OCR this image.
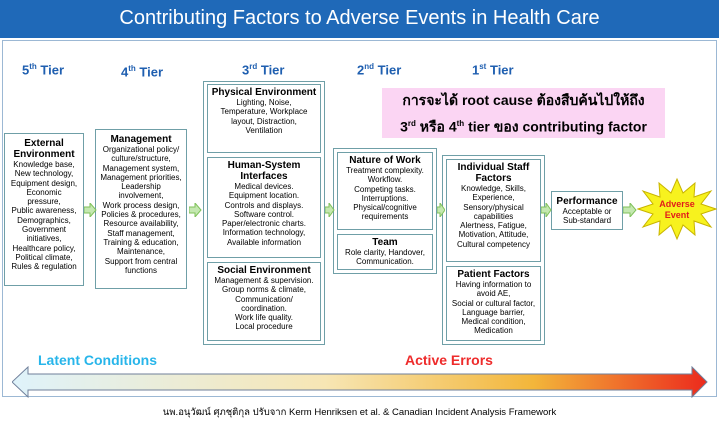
Contributing Factors to Adverse Events in Health Care
5th Tier	4th Tier	3rd Tier	2nd Tier	1st Tier
การจะได้ root cause ต้องสืบค้นไปให้ถึง
3rd หรือ 4th tier ของ contributing factor
External Environment
Knowledge base,
New technology,
Equipment design,
Economic
pressure,
Public awareness,
Demographics,
Government
initiatives,
Healthcare policy,
Political climate,
Rules & regulation
Management
Organizational policy/
culture/structure,
Management system,
Management priorities,
Leadership
involvement,
Work process design,
Policies & procedures,
Resource availability,
Staff management,
Training & education,
Maintenance,
Support from central
functions
Physical Environment
Lighting, Noise,
Temperature, Workplace
layout, Distraction,
Ventilation
Human-System Interfaces
Medical devices.
Equipment location.
Controls and displays.
Software control.
Paper/electronic charts.
Information technology,
Available information
Social Environment
Management & supervision.
Group norms & climate,
Communication/
coordination.
Work life quality.
Local procedure
Nature of Work
Treatment complexity.
Workflow.
Competing tasks.
Interruptions.
Physical/cognitive
requirements
Team
Role clarity, Handover,
Communication.
Individual Staff Factors
Knowledge, Skills,
Experience,
Sensory/physical
capabilities
Alertness, Fatigue,
Motivation, Attitude,
Cultural competency
Patient Factors
Having information to
avoid AE,
Social or cultural factor,
Language barrier,
Medical condition,
Medication
Performance
Acceptable or
Sub-standard
Adverse
Event
Latent Conditions	Active Errors
นพ.อนุวัฒน์ ศุภชุติกุล ปรับจาก Kerm Henriksen et al. & Canadian Incident Analysis Framework
